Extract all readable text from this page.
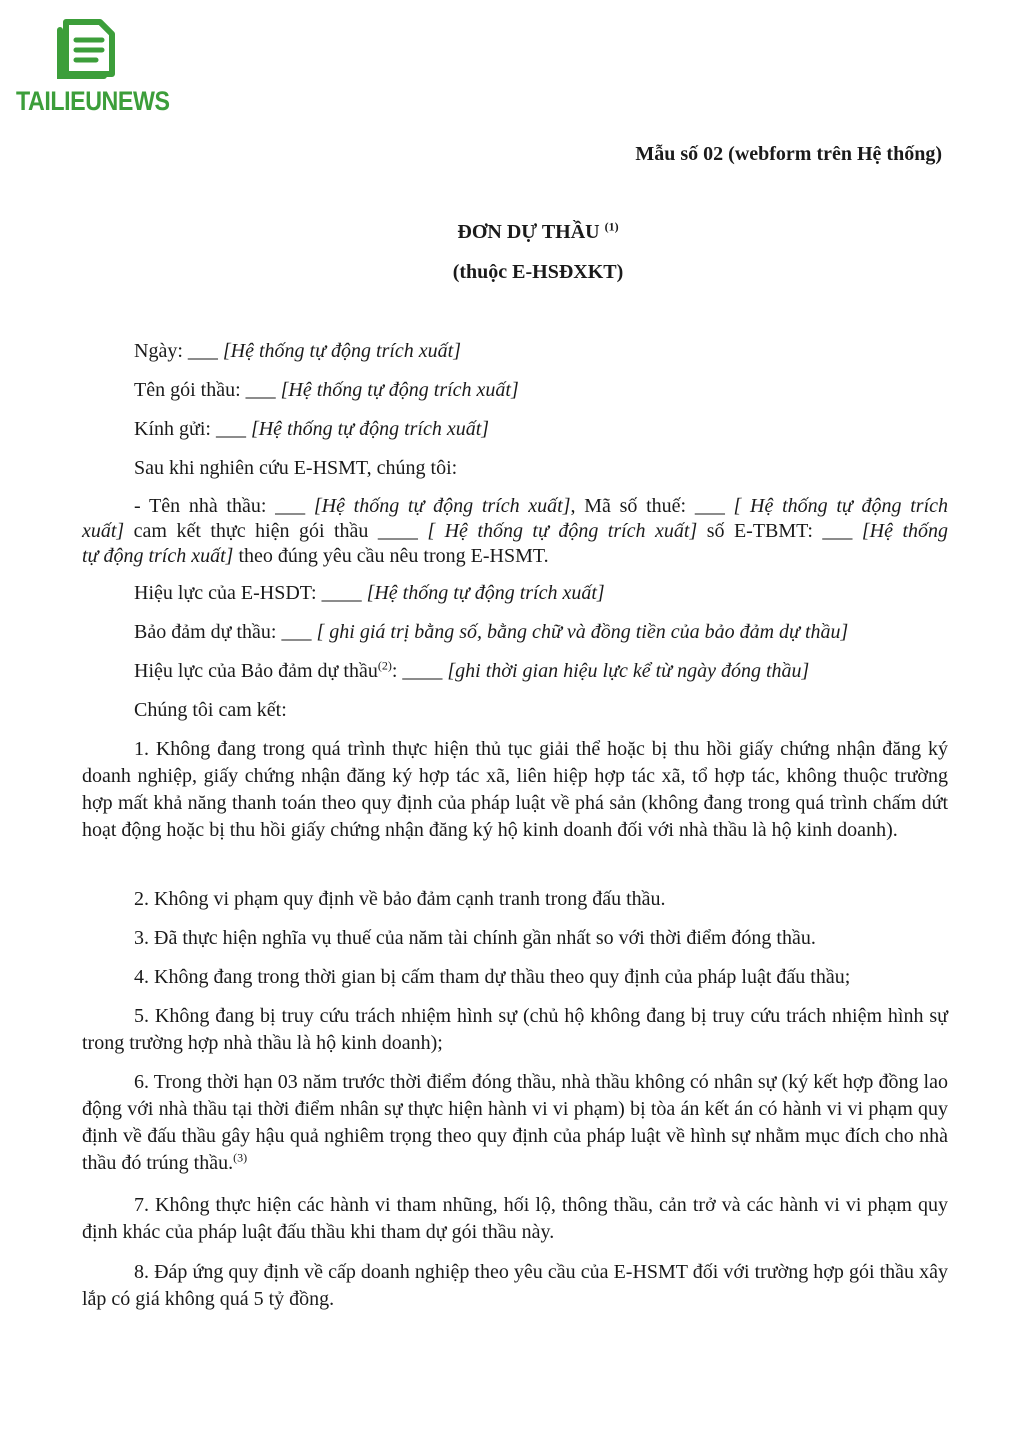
TAILIEUNEWS
Mẫu số 02 (webform trên Hệ thống)
ĐƠN DỰ THẦU $^{(1)}$
(thuộc E-HSĐXKT)
Ngày: ___ [Hệ thống tự động trích xuất]
Tên gói thầu: ___ [Hệ thống tự động trích xuất]
Kính gửi: ___ [Hệ thống tự động trích xuất]
Sau khi nghiên cứu E-HSMT, chúng tôi:
- Tên nhà thầu: ___ [Hệ thống tự động trích xuất], Mã số thuế: ___ [ Hệ thống tự động trích
xuất] cam kết thực hiện gói thầu ____ [ Hệ thống tự động trích xuất] số E-TBMT: ___ [Hệ thống
tự động trích xuất] theo đúng yêu cầu nêu trong E-HSMT.
Hiệu lực của E-HSDT: ____ [Hệ thống tự động trích xuất]
Bảo đảm dự thầu: ___ [ ghi giá trị bằng số, bằng chữ và đồng tiền của bảo đảm dự thầu]
Hiệu lực của Bảo đảm dự thầu$^{(2)}$: ____ [ghi thời gian hiệu lực kể từ ngày đóng thầu]
Chúng tôi cam kết:
1. Không đang trong quá trình thực hiện thủ tục giải thể hoặc bị thu hồi giấy chứng nhận đăng ký doanh nghiệp, giấy chứng nhận đăng ký hợp tác xã, liên hiệp hợp tác xã, tổ hợp tác, không thuộc trường hợp mất khả năng thanh toán theo quy định của pháp luật về phá sản (không đang trong quá trình chấm dứt hoạt động hoặc bị thu hồi giấy chứng nhận đăng ký hộ kinh doanh đối với nhà thầu là hộ kinh doanh).
2. Không vi phạm quy định về bảo đảm cạnh tranh trong đấu thầu.
3. Đã thực hiện nghĩa vụ thuế của năm tài chính gần nhất so với thời điểm đóng thầu.
4. Không đang trong thời gian bị cấm tham dự thầu theo quy định của pháp luật đấu thầu;
5. Không đang bị truy cứu trách nhiệm hình sự (chủ hộ không đang bị truy cứu trách nhiệm hình sự trong trường hợp nhà thầu là hộ kinh doanh);
6. Trong thời hạn 03 năm trước thời điểm đóng thầu, nhà thầu không có nhân sự (ký kết hợp đồng lao động với nhà thầu tại thời điểm nhân sự thực hiện hành vi vi phạm) bị tòa án kết án có hành vi vi phạm quy định về đấu thầu gây hậu quả nghiêm trọng theo quy định của pháp luật về hình sự nhằm mục đích cho nhà thầu đó trúng thầu.$^{(3)}$
7. Không thực hiện các hành vi tham nhũng, hối lộ, thông thầu, cản trở và các hành vi vi phạm quy định khác của pháp luật đấu thầu khi tham dự gói thầu này.
8. Đáp ứng quy định về cấp doanh nghiệp theo yêu cầu của E-HSMT đối với trường hợp gói thầu xây lắp có giá không quá 5 tỷ đồng.
